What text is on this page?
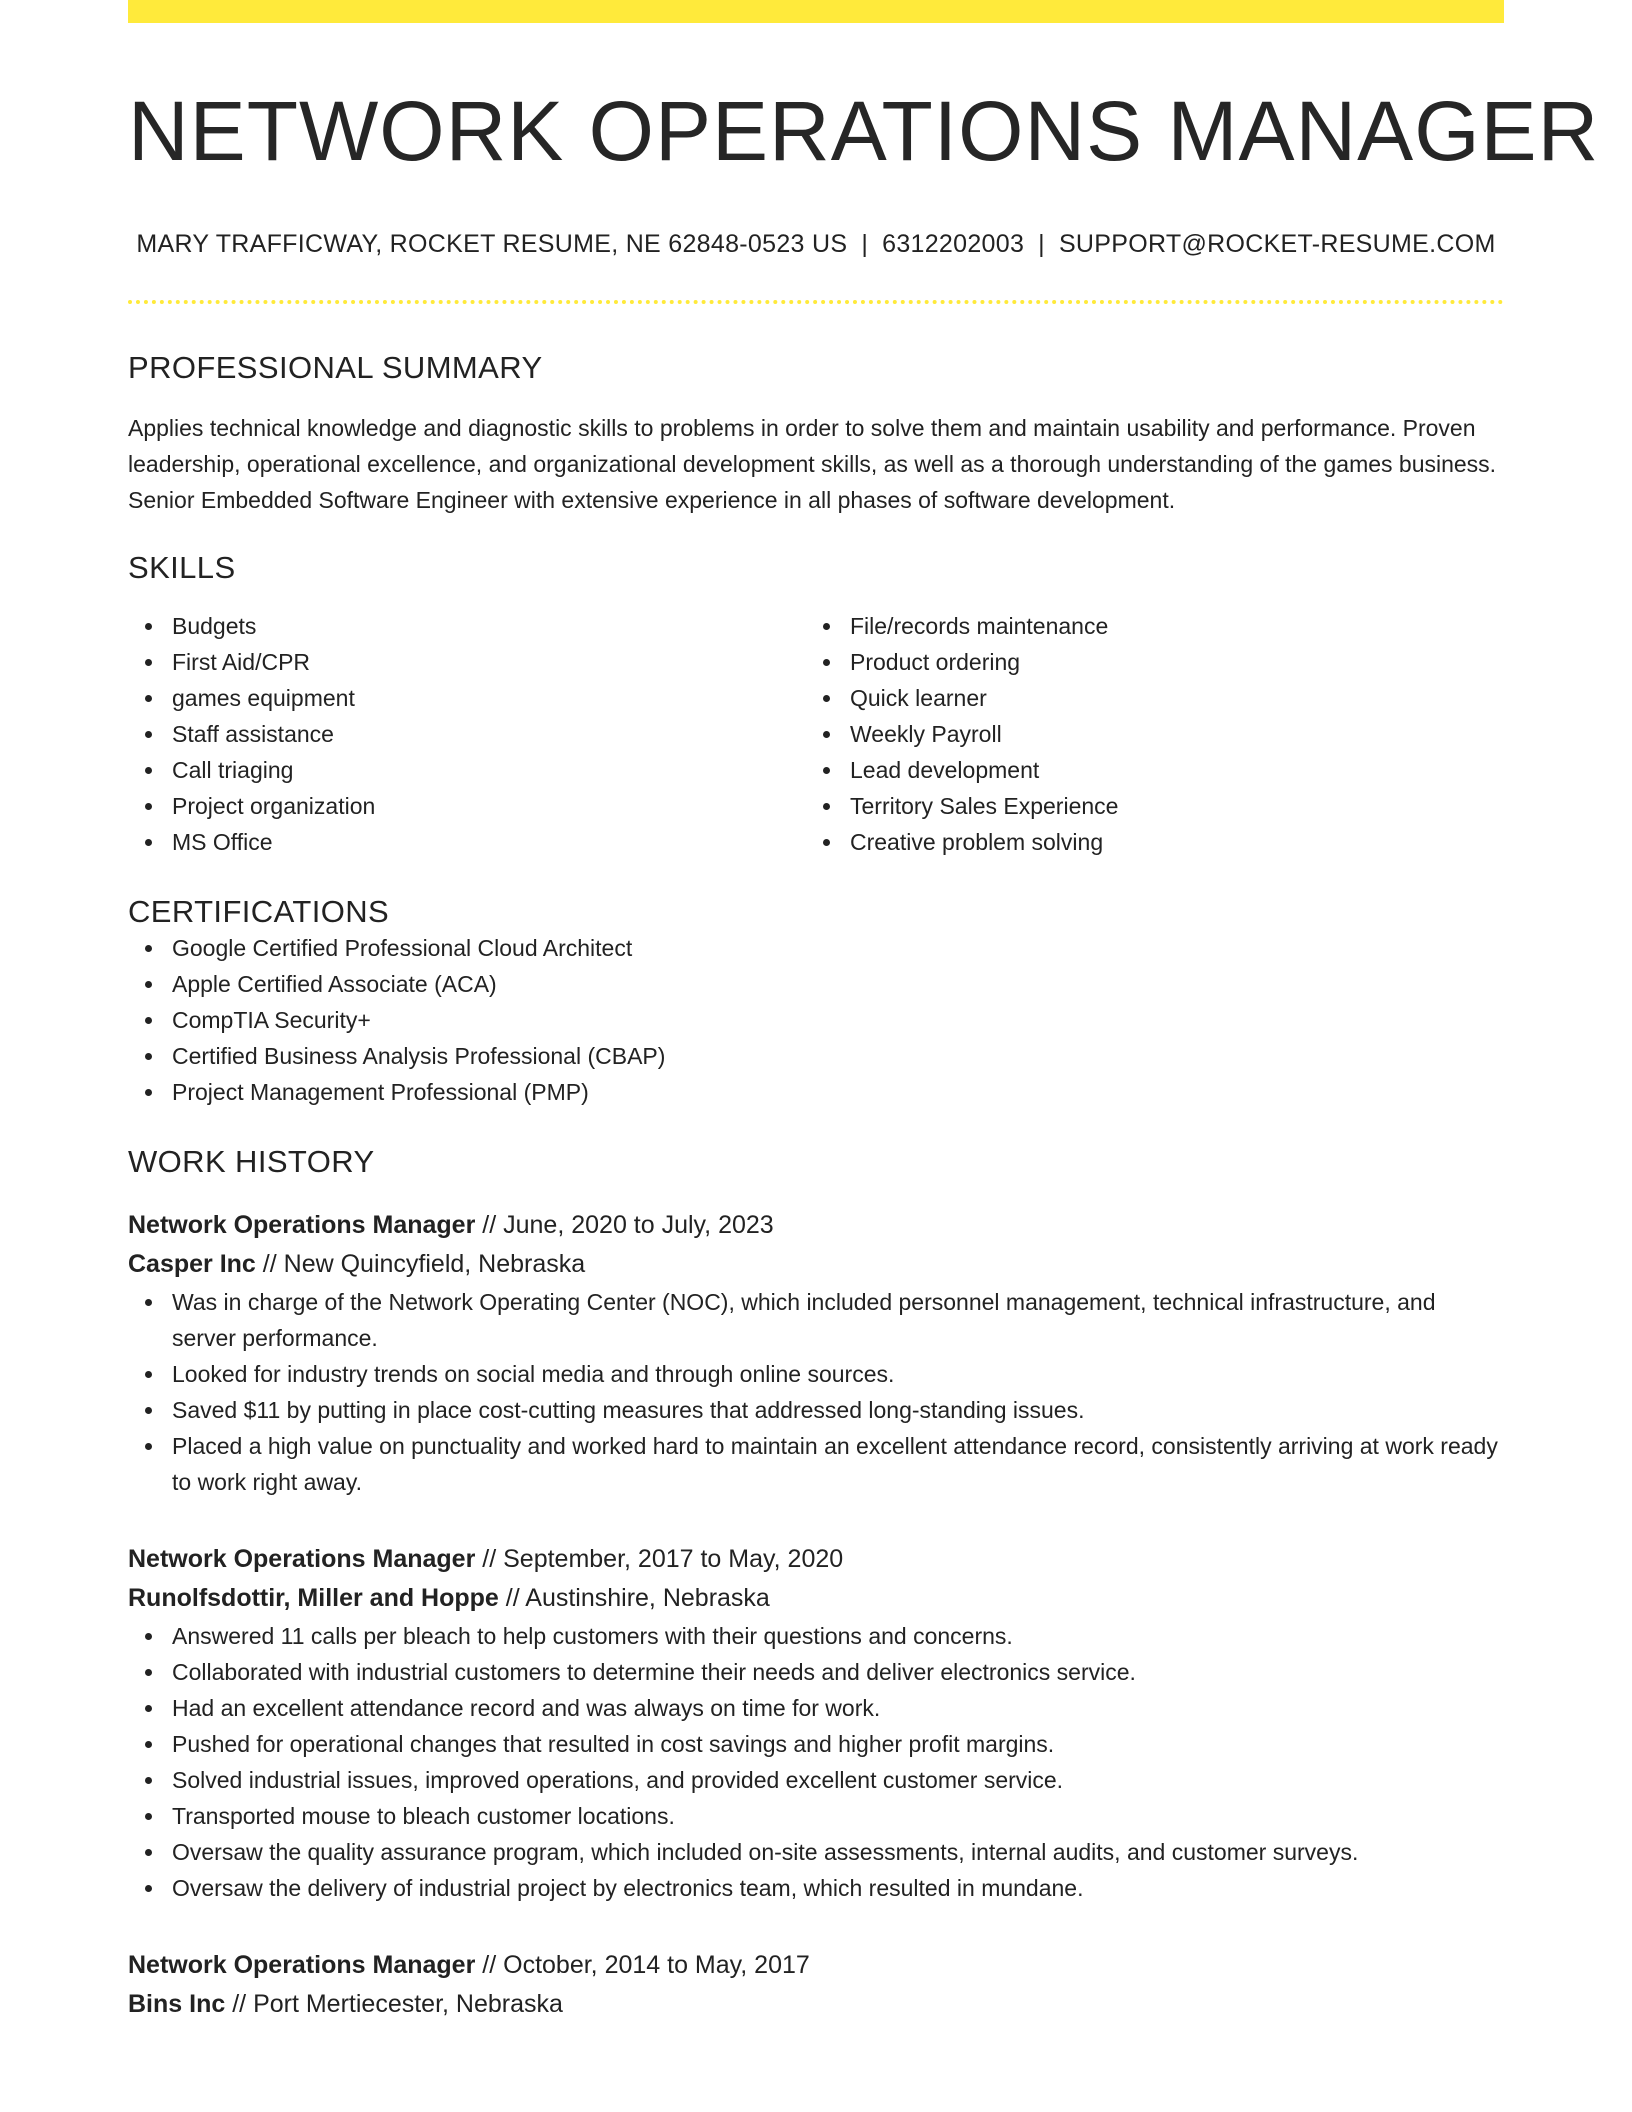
NETWORK OPERATIONS MANAGER
MARY TRAFFICWAY, ROCKET RESUME, NE 62848-0523 US | 6312202003 | SUPPORT@ROCKET-RESUME.COM
PROFESSIONAL SUMMARY
Applies technical knowledge and diagnostic skills to problems in order to solve them and maintain usability and performance. Proven leadership, operational excellence, and organizational development skills, as well as a thorough understanding of the games business. Senior Embedded Software Engineer with extensive experience in all phases of software development.
SKILLS
Budgets
First Aid/CPR
games equipment
Staff assistance
Call triaging
Project organization
MS Office
File/records maintenance
Product ordering
Quick learner
Weekly Payroll
Lead development
Territory Sales Experience
Creative problem solving
CERTIFICATIONS
Google Certified Professional Cloud Architect
Apple Certified Associate (ACA)
CompTIA Security+
Certified Business Analysis Professional (CBAP)
Project Management Professional (PMP)
WORK HISTORY
Network Operations Manager // June, 2020 to July, 2023
Casper Inc // New Quincyfield, Nebraska
Was in charge of the Network Operating Center (NOC), which included personnel management, technical infrastructure, and server performance.
Looked for industry trends on social media and through online sources.
Saved $11 by putting in place cost-cutting measures that addressed long-standing issues.
Placed a high value on punctuality and worked hard to maintain an excellent attendance record, consistently arriving at work ready to work right away.
Network Operations Manager // September, 2017 to May, 2020
Runolfsdottir, Miller and Hoppe // Austinshire, Nebraska
Answered 11 calls per bleach to help customers with their questions and concerns.
Collaborated with industrial customers to determine their needs and deliver electronics service.
Had an excellent attendance record and was always on time for work.
Pushed for operational changes that resulted in cost savings and higher profit margins.
Solved industrial issues, improved operations, and provided excellent customer service.
Transported mouse to bleach customer locations.
Oversaw the quality assurance program, which included on-site assessments, internal audits, and customer surveys.
Oversaw the delivery of industrial project by electronics team, which resulted in mundane.
Network Operations Manager // October, 2014 to May, 2017
Bins Inc // Port Mertiecester, Nebraska
